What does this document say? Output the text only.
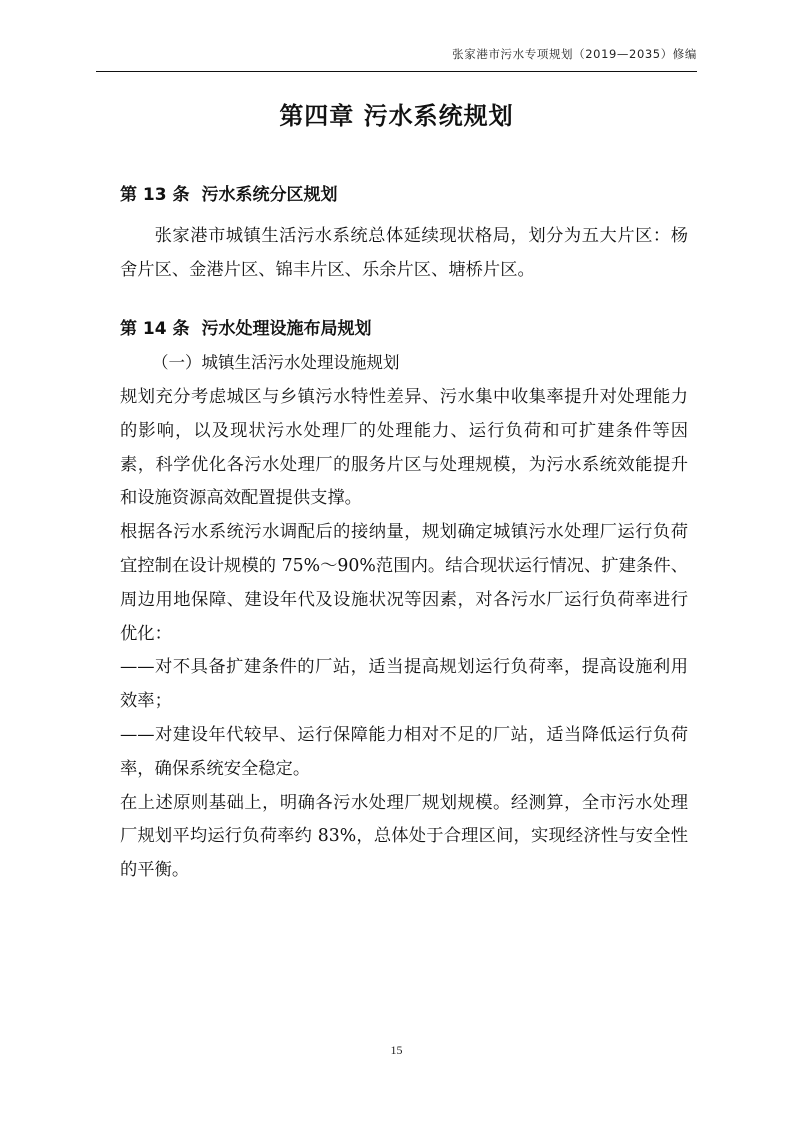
张家港市污水专项规划（2019—2035）修编
第四章 污水系统规划
第 13 条 污水系统分区规划

张家港市城镇生活污水系统总体延续现状格局，划分为五大片区：杨舍片区、金港片区、锦丰片区、乐余片区、塘桥片区。

第 14 条 污水处理设施布局规划

（一）城镇生活污水处理设施规划

规划充分考虑城区与乡镇污水特性差异、污水集中收集率提升对处理能力的影响，以及现状污水处理厂的处理能力、运行负荷和可扩建条件等因素，科学优化各污水处理厂的服务片区与处理规模，为污水系统效能提升和设施资源高效配置提供支撑。

根据各污水系统污水调配后的接纳量，规划确定城镇污水处理厂运行负荷宜控制在设计规模的 75%～90%范围内。结合现状运行情况、扩建条件、周边用地保障、建设年代及设施状况等因素，对各污水厂运行负荷率进行优化：

——对不具备扩建条件的厂站，适当提高规划运行负荷率，提高设施利用效率；

——对建设年代较早、运行保障能力相对不足的厂站，适当降低运行负荷率，确保系统安全稳定。

在上述原则基础上，明确各污水处理厂规划规模。经测算，全市污水处理厂规划平均运行负荷率约 83%，总体处于合理区间，实现经济性与安全性的平衡。

15
